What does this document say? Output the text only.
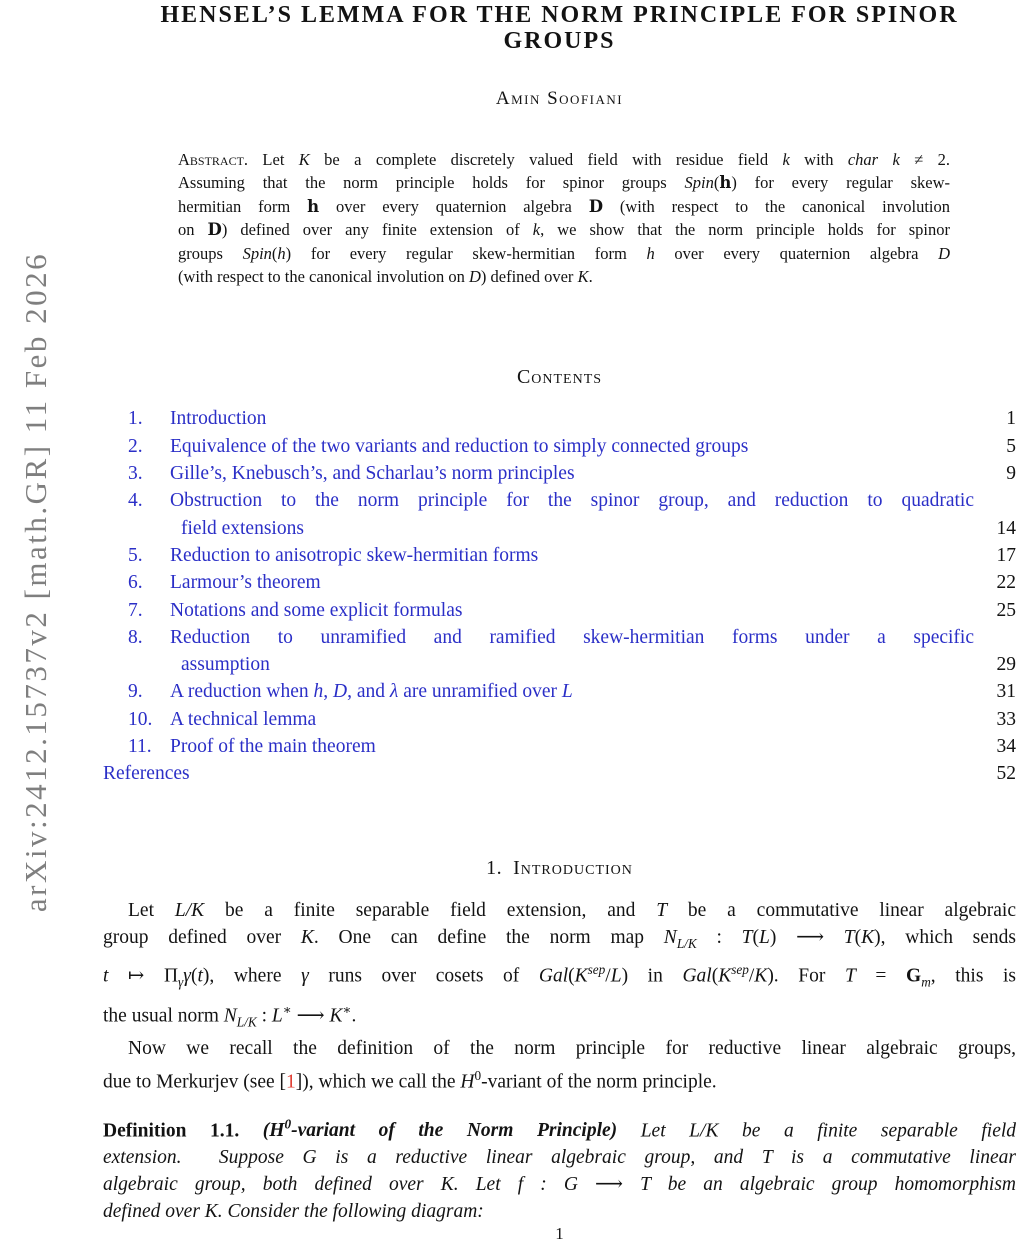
arXiv:2412.15737v2 [math.GR] 11 Feb 2026
HENSEL’S LEMMA FOR THE NORM PRINCIPLE FOR SPINOR
GROUPS
Amin Soofiani
Abstract. Let K be a complete discretely valued field with residue field k with char k ≠ 2.
Assuming that the norm principle holds for spinor groups Spin(h) for every regular skew-
hermitian form h over every quaternion algebra D (with respect to the canonical involution
on D) defined over any finite extension of k, we show that the norm principle holds for spinor
groups Spin(h) for every regular skew-hermitian form h over every quaternion algebra D
(with respect to the canonical involution on D) defined over K.
Contents
1.	Introduction	1
2.	Equivalence of the two variants and reduction to simply connected groups	5
3.	Gille’s, Knebusch’s, and Scharlau’s norm principles	9
4.	Obstruction to the norm principle for the spinor group, and reduction to quadratic
field extensions	14
5.	Reduction to anisotropic skew-hermitian forms	17
6.	Larmour’s theorem	22
7.	Notations and some explicit formulas	25
8.	Reduction to unramified and ramified skew-hermitian forms under a specific
assumption	29
9.	A reduction when h, D, and λ are unramified over L	31
10. A technical lemma	33
11. Proof of the main theorem	34
References	52
1. Introduction
Let L/K be a finite separable field extension, and T be a commutative linear algebraic
group defined over K. One can define the norm map $N_{L/K}$ : T(L) ⟶ T(K), which sends
t ↦ $\Pi_\gamma\gamma(t)$, where γ runs over cosets of $Gal(K^{sep}/L)$ in $Gal(K^{sep}/K)$. For $T = G_m$, this is
the usual norm $N_{L/K}$ : L∗ ⟶ K∗.
Now we recall the definition of the norm principle for reductive linear algebraic groups,
due to Merkurjev (see [1]), which we call the $H^0$-variant of the norm principle.
Definition 1.1. ($H^0$-variant of the Norm Principle) Let L/K be a finite separable field
extension.  Suppose G is a reductive linear algebraic group, and T is a commutative linear
algebraic group, both defined over K. Let f : G ⟶ T be an algebraic group homomorphism
defined over K. Consider the following diagram:
1
